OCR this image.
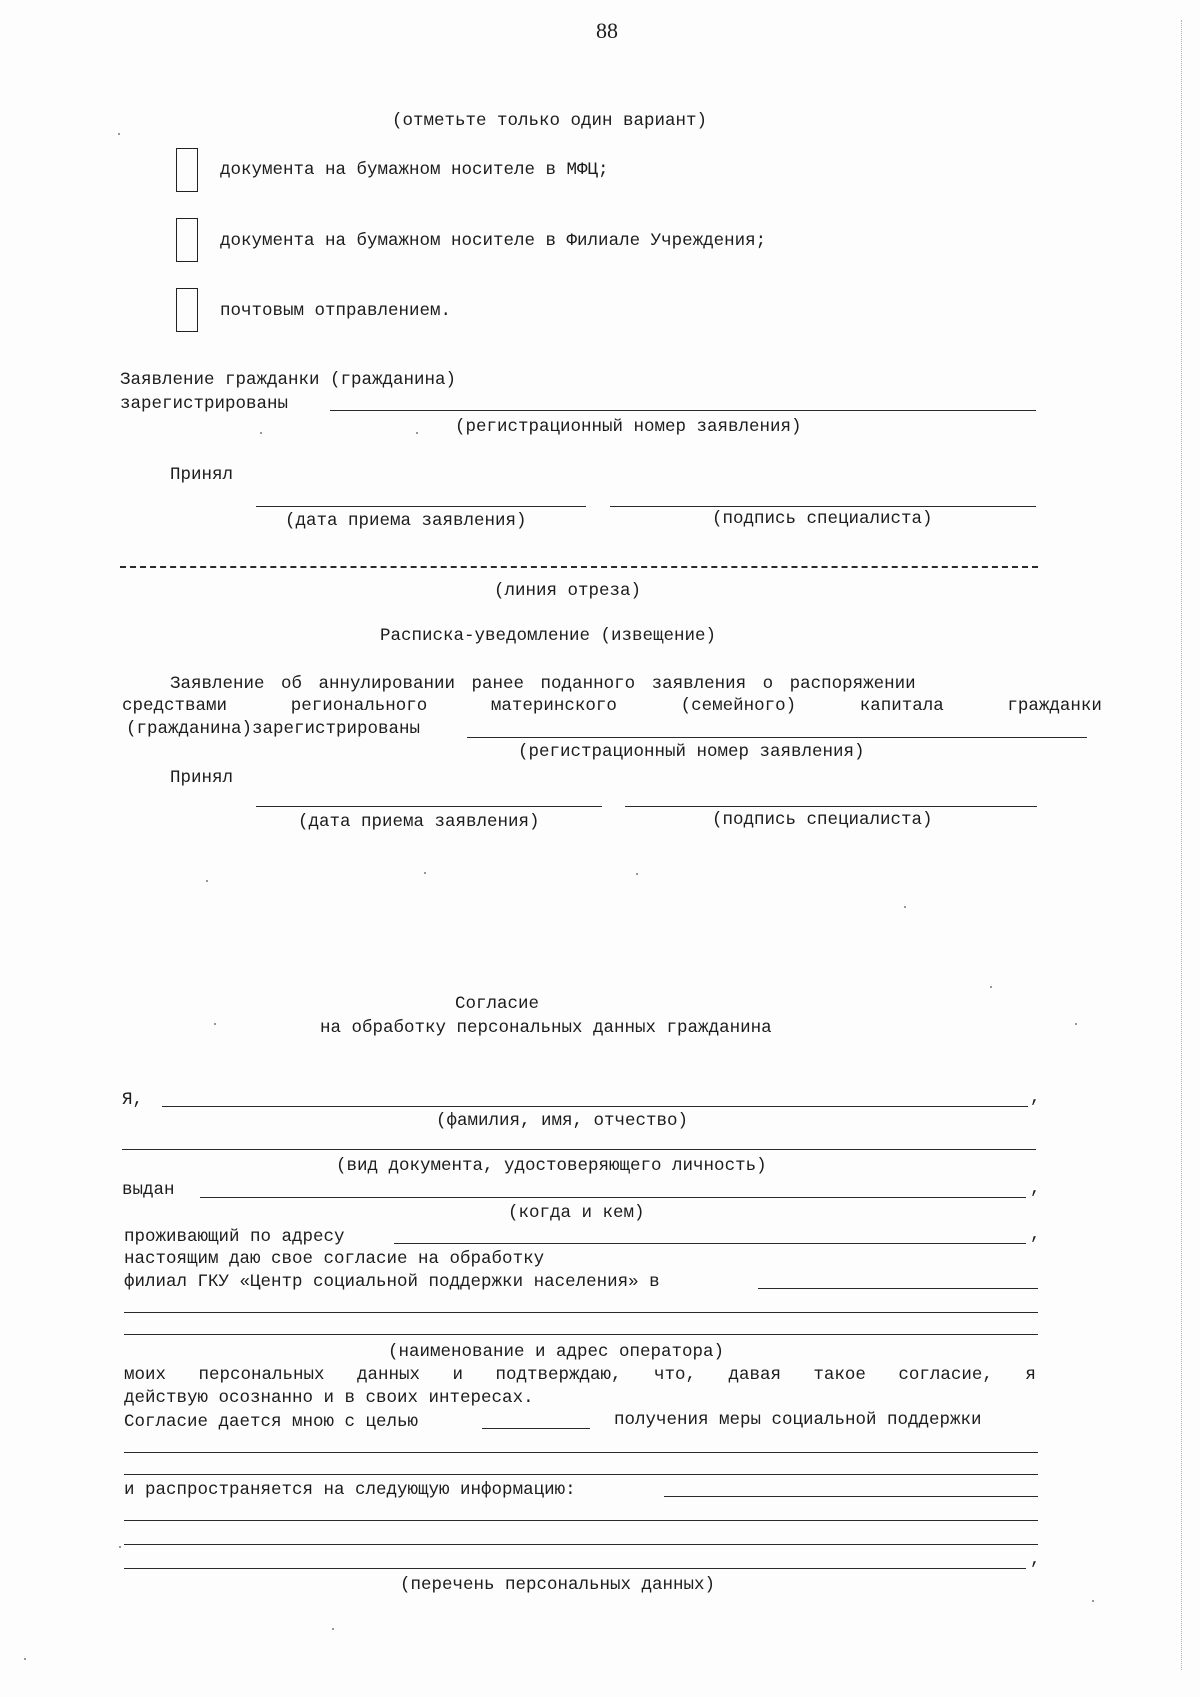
88
(отметьте только один вариант)
документа на бумажном носителе в МФЦ;
документа на бумажном носителе в Филиале Учреждения;
почтовым отправлением.
Заявление гражданки (гражданина)
зарегистрированы
(регистрационный номер заявления)
Принял
(дата приема заявления)	(подпись специалиста)
(линия отреза)
Расписка-уведомление (извещение)
Заявление об аннулировании ранее поданного заявления о распоряжении
средствами	регионального	материнского	(семейного)	капитала	гражданки
(гражданина)зарегистрированы
(регистрационный номер заявления)
Принял
(дата приема заявления)	(подпись специалиста)
Согласие
на обработку персональных данных гражданина
Я,	,
(фамилия, имя, отчество)
(вид документа, удостоверяющего личность)
выдан	,
(когда и кем)
проживающий по адресу	,
настоящим даю свое согласие на обработку
филиал ГКУ «Центр социальной поддержки населения» в
(наименование и адрес оператора)
моих персональных данных и подтверждаю, что, давая такое согласие, я
действую осознанно и в своих интересах.
Согласие дается мною с целью	получения меры социальной поддержки
и распространяется на следующую информацию:
,
(перечень персональных данных)
